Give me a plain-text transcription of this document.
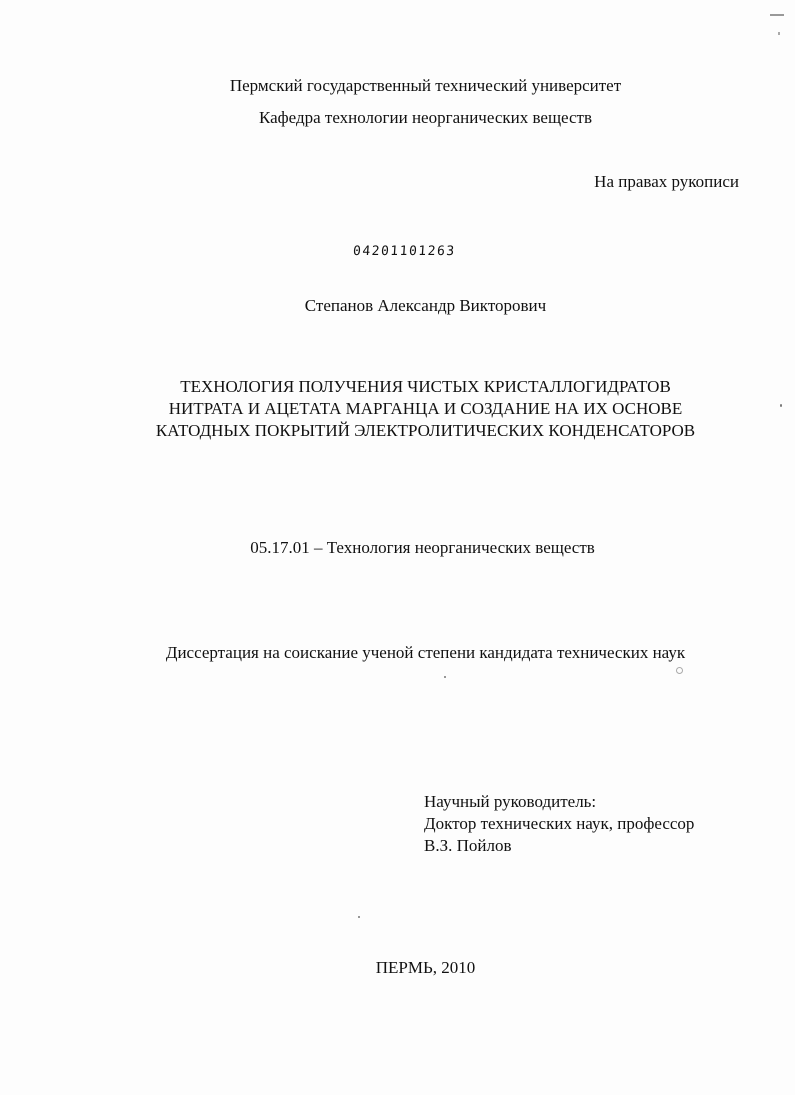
Пермский государственный технический университет
Кафедра технологии неорганических веществ
На правах рукописи
04201101263
Степанов Александр Викторович
ТЕХНОЛОГИЯ ПОЛУЧЕНИЯ ЧИСТЫХ КРИСТАЛЛОГИДРАТОВ
НИТРАТА И АЦЕТАТА МАРГАНЦА И СОЗДАНИЕ НА ИХ ОСНОВЕ
КАТОДНЫХ ПОКРЫТИЙ ЭЛЕКТРОЛИТИЧЕСКИХ КОНДЕНСАТОРОВ
05.17.01 – Технология неорганических веществ
Диссертация на соискание ученой степени кандидата технических наук
Научный руководитель:
Доктор технических наук, профессор
В.З. Пойлов
ПЕРМЬ, 2010
